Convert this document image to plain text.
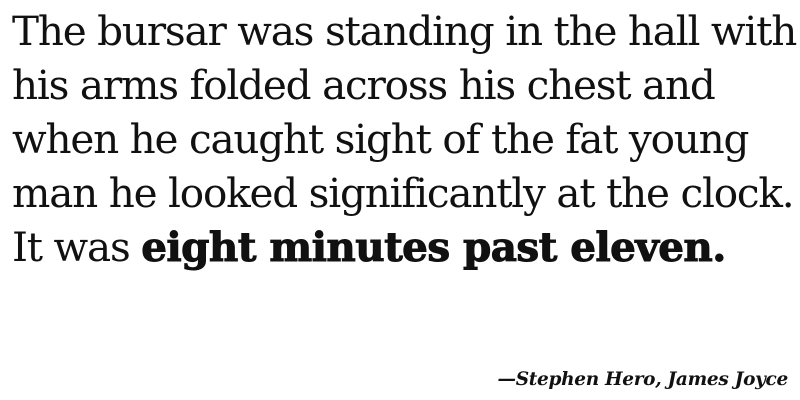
The bursar was standing in the hall with
his arms folded across his chest and
when he caught sight of the fat young
man he looked significantly at the clock.
It was eight minutes past eleven.
—Stephen Hero, James Joyce
